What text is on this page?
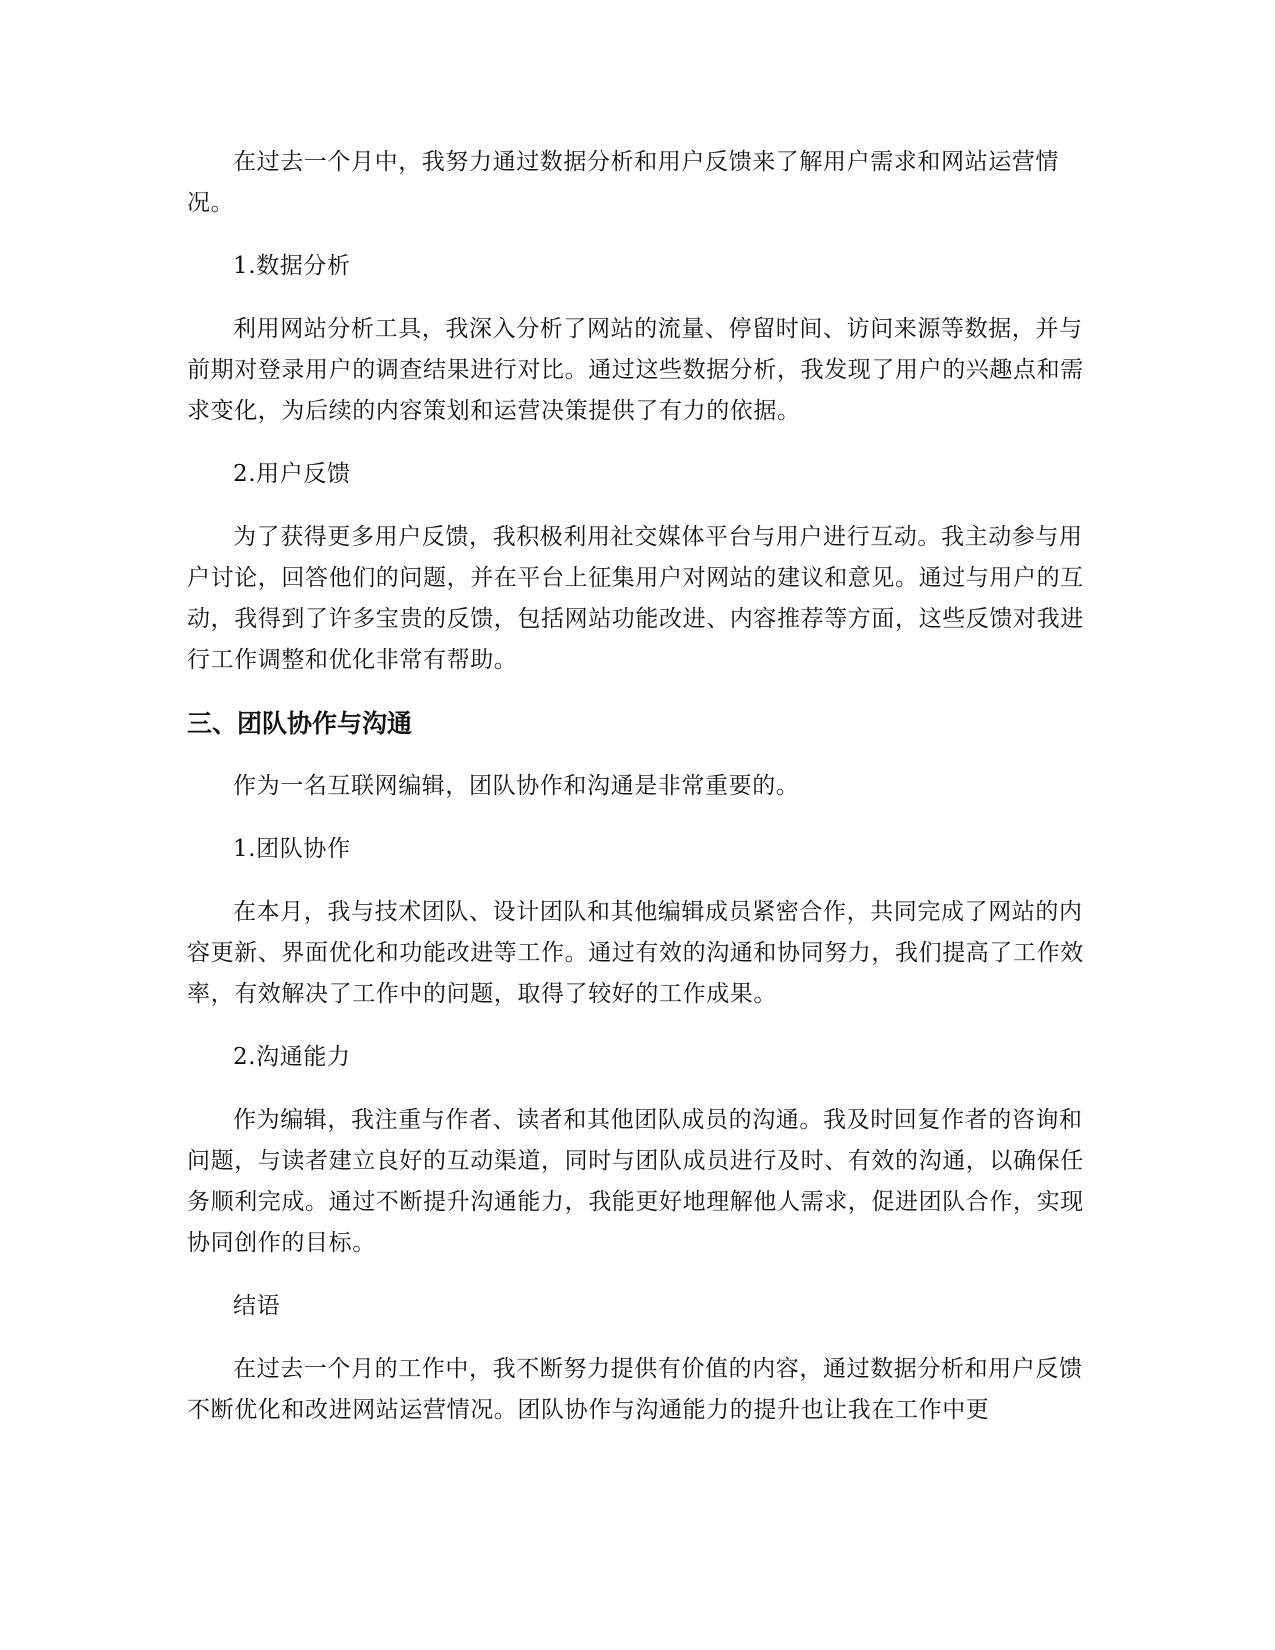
在过去一个月中，我努力通过数据分析和用户反馈来了解用户需求和网站运营情况。

1.数据分析

利用网站分析工具，我深入分析了网站的流量、停留时间、访问来源等数据，并与前期对登录用户的调查结果进行对比。通过这些数据分析，我发现了用户的兴趣点和需求变化，为后续的内容策划和运营决策提供了有力的依据。

2.用户反馈

为了获得更多用户反馈，我积极利用社交媒体平台与用户进行互动。我主动参与用户讨论，回答他们的问题，并在平台上征集用户对网站的建议和意见。通过与用户的互动，我得到了许多宝贵的反馈，包括网站功能改进、内容推荐等方面，这些反馈对我进行工作调整和优化非常有帮助。

三、团队协作与沟通

作为一名互联网编辑，团队协作和沟通是非常重要的。

1.团队协作

在本月，我与技术团队、设计团队和其他编辑成员紧密合作，共同完成了网站的内容更新、界面优化和功能改进等工作。通过有效的沟通和协同努力，我们提高了工作效率，有效解决了工作中的问题，取得了较好的工作成果。

2.沟通能力

作为编辑，我注重与作者、读者和其他团队成员的沟通。我及时回复作者的咨询和问题，与读者建立良好的互动渠道，同时与团队成员进行及时、有效的沟通，以确保任务顺利完成。通过不断提升沟通能力，我能更好地理解他人需求，促进团队合作，实现协同创作的目标。

结语

在过去一个月的工作中，我不断努力提供有价值的内容，通过数据分析和用户反馈不断优化和改进网站运营情况。团队协作与沟通能力的提升也让我在工作中更
